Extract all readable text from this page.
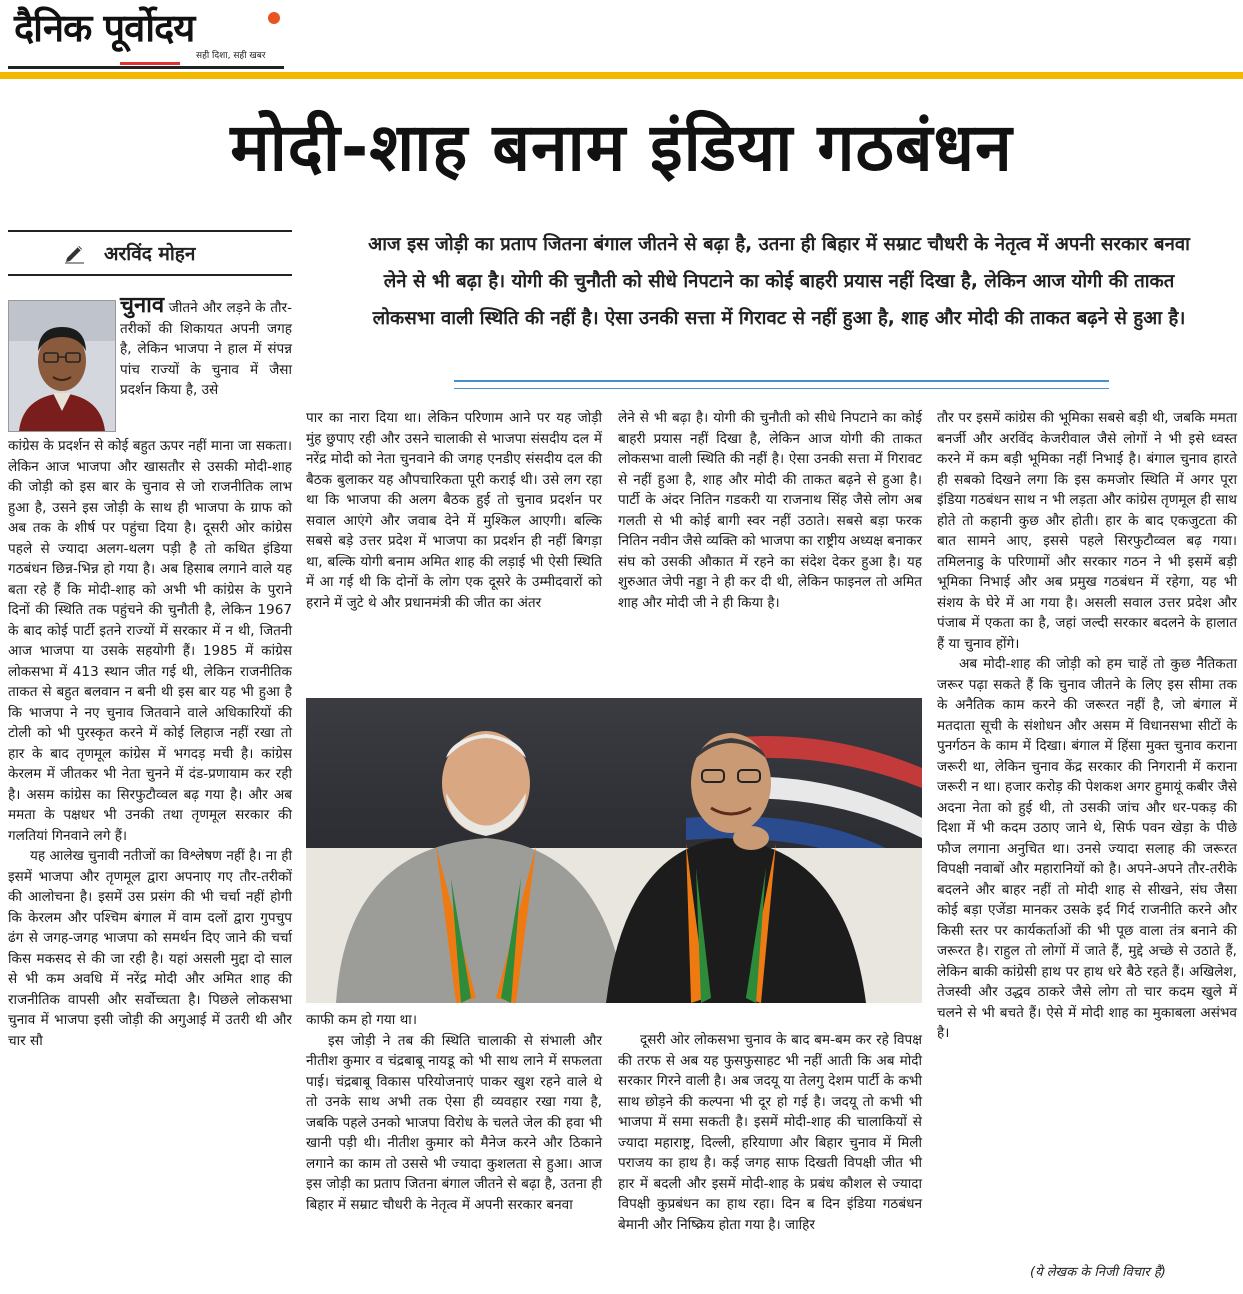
दैनिक पूर्वोदय
सही दिशा, सही खबर
मोदी-शाह बनाम इंडिया गठबंधन
अरविंद मोहन	आज इस जोड़ी का प्रताप जितना बंगाल जीतने से बढ़ा है, उतना ही बिहार में सम्राट चौधरी के नेतृत्व में अपनी सरकार बनवा लेने से भी बढ़ा है। योगी की चुनौती को सीधे निपटाने का कोई बाहरी प्रयास नहीं दिखा है, लेकिन आज योगी की ताकत लोकसभा वाली स्थिति की नहीं है। ऐसा उनकी सत्ता में गिरावट से नहीं हुआ है, शाह और मोदी की ताकत बढ़ने से हुआ है।
चुनाव जीतने और लड़ने के तौर-तरीकों की शिकायत अपनी जगह है, लेकिन भाजपा ने हाल में संपन्न पांच राज्यों के चुनाव में जैसा प्रदर्शन किया है, उसे

कांग्रेस के प्रदर्शन से कोई बहुत ऊपर नहीं माना जा सकता। लेकिन आज भाजपा और खासतौर से उसकी मोदी-शाह की जोड़ी को इस बार के चुनाव से जो राजनीतिक लाभ हुआ है, उसने इस जोड़ी के साथ ही भाजपा के ग्राफ को अब तक के शीर्ष पर पहुंचा दिया है। दूसरी ओर कांग्रेस पहले से ज्यादा अलग-थलग पड़ी है तो कथित इंडिया गठबंधन छिन्न-भिन्न हो गया है। अब हिसाब लगाने वाले यह बता रहे हैं कि मोदी-शाह को अभी भी कांग्रेस के पुराने दिनों की स्थिति तक पहुंचने की चुनौती है, लेकिन 1967 के बाद कोई पार्टी इतने राज्यों में सरकार में न थी, जितनी आज भाजपा या उसके सहयोगी हैं। 1985 में कांग्रेस लोकसभा में 413 स्थान जीत गई थी, लेकिन राजनीतिक ताकत से बहुत बलवान न बनी थी इस बार यह भी हुआ है कि भाजपा ने नए चुनाव जितवाने वाले अधिकारियों की टोली को भी पुरस्कृत करने में कोई लिहाज नहीं रखा तो हार के बाद तृणमूल कांग्रेस में भगदड़ मची है। कांग्रेस केरलम में जीतकर भी नेता चुनने में दंड-प्रणायाम कर रही है। असम कांग्रेस का सिरफुटौव्वल बढ़ गया है। और अब ममता के पक्षधर भी उनकी तथा तृणमूल सरकार की गलतियां गिनवाने लगे हैं।

यह आलेख चुनावी नतीजों का विश्लेषण नहीं है। ना ही इसमें भाजपा और तृणमूल द्वारा अपनाए गए तौर-तरीकों की आलोचना है। इसमें उस प्रसंग की भी चर्चा नहीं होगी कि केरलम और पश्चिम बंगाल में वाम दलों द्वारा गुपचुप ढंग से जगह-जगह भाजपा को समर्थन दिए जाने की चर्चा किस मकसद से की जा रही है। यहां असली मुद्दा दो साल से भी कम अवधि में नरेंद्र मोदी और अमित शाह की राजनीतिक वापसी और सर्वोच्चता है। पिछले लोकसभा चुनाव में भाजपा इसी जोड़ी की अगुआई में उतरी थी और चार सौ

पार का नारा दिया था। लेकिन परिणाम आने पर यह जोड़ी मुंह छुपाए रही और उसने चालाकी से भाजपा संसदीय दल में नरेंद्र मोदी को नेता चुनवाने की जगह एनडीए संसदीय दल की बैठक बुलाकर यह औपचारिकता पूरी कराई थी। उसे लग रहा था कि भाजपा की अलग बैठक हुई तो चुनाव प्रदर्शन पर सवाल आएंगे और जवाब देने में मुश्किल आएगी। बल्कि सबसे बड़े उत्तर प्रदेश में भाजपा का प्रदर्शन ही नहीं बिगड़ा था, बल्कि योगी बनाम अमित शाह की लड़ाई भी ऐसी स्थिति में आ गई थी कि दोनों के लोग एक दूसरे के उम्मीदवारों को हराने में जुटे थे और प्रधानमंत्री की जीत का अंतर

काफी कम हो गया था।

इस जोड़ी ने तब की स्थिति चालाकी से संभाली और नीतीश कुमार व चंद्रबाबू नायडू को भी साथ लाने में सफलता पाई। चंद्रबाबू विकास परियोजनाएं पाकर खुश रहने वाले थे तो उनके साथ अभी तक ऐसा ही व्यवहार रखा गया है, जबकि पहले उनको भाजपा विरोध के चलते जेल की हवा भी खानी पड़ी थी। नीतीश कुमार को मैनेज करने और ठिकाने लगाने का काम तो उससे भी ज्यादा कुशलता से हुआ। आज इस जोड़ी का प्रताप जितना बंगाल जीतने से बढ़ा है, उतना ही बिहार में सम्राट चौधरी के नेतृत्व में अपनी सरकार बनवा

लेने से भी बढ़ा है। योगी की चुनौती को सीधे निपटाने का कोई बाहरी प्रयास नहीं दिखा है, लेकिन आज योगी की ताकत लोकसभा वाली स्थिति की नहीं है। ऐसा उनकी सत्ता में गिरावट से नहीं हुआ है, शाह और मोदी की ताकत बढ़ने से हुआ है। पार्टी के अंदर नितिन गडकरी या राजनाथ सिंह जैसे लोग अब गलती से भी कोई बागी स्वर नहीं उठाते। सबसे बड़ा फरक नितिन नवीन जैसे व्यक्ति को भाजपा का राष्ट्रीय अध्यक्ष बनाकर संघ को उसकी औकात में रहने का संदेश देकर हुआ है। यह शुरुआत जेपी नड्डा ने ही कर दी थी, लेकिन फाइनल तो अमित शाह और मोदी जी ने ही किया है।

दूसरी ओर लोकसभा चुनाव के बाद बम-बम कर रहे विपक्ष की तरफ से अब यह फुसफुसाहट भी नहीं आती कि अब मोदी सरकार गिरने वाली है। अब जदयू या तेलगु देशम पार्टी के कभी साथ छोड़ने की कल्पना भी दूर हो गई है। जदयू तो कभी भी भाजपा में समा सकती है। इसमें मोदी-शाह की चालाकियों से ज्यादा महाराष्ट्र, दिल्ली, हरियाणा और बिहार चुनाव में मिली पराजय का हाथ है। कई जगह साफ दिखती विपक्षी जीत भी हार में बदली और इसमें मोदी-शाह के प्रबंध कौशल से ज्यादा विपक्षी कुप्रबंधन का हाथ रहा। दिन ब दिन इंडिया गठबंधन बेमानी और निष्क्रिय होता गया है। जाहिर

तौर पर इसमें कांग्रेस की भूमिका सबसे बड़ी थी, जबकि ममता बनर्जी और अरविंद केजरीवाल जैसे लोगों ने भी इसे ध्वस्त करने में कम बड़ी भूमिका नहीं निभाई है। बंगाल चुनाव हारते ही सबको दिखने लगा कि इस कमजोर स्थिति में अगर पूरा इंडिया गठबंधन साथ न भी लड़ता और कांग्रेस तृणमूल ही साथ होते तो कहानी कुछ और होती। हार के बाद एकजुटता की बात सामने आए, इससे पहले सिरफुटौव्वल बढ़ गया। तमिलनाडु के परिणामों और सरकार गठन ने भी इसमें बड़ी भूमिका निभाई और अब प्रमुख गठबंधन में रहेगा, यह भी संशय के घेरे में आ गया है। असली सवाल उत्तर प्रदेश और पंजाब में एकता का है, जहां जल्दी सरकार बदलने के हालात हैं या चुनाव होंगे।

अब मोदी-शाह की जोड़ी को हम चाहें तो कुछ नैतिकता जरूर पढ़ा सकते हैं कि चुनाव जीतने के लिए इस सीमा तक के अनैतिक काम करने की जरूरत नहीं है, जो बंगाल में मतदाता सूची के संशोधन और असम में विधानसभा सीटों के पुनर्गठन के काम में दिखा। बंगाल में हिंसा मुक्त चुनाव कराना जरूरी था, लेकिन चुनाव केंद्र सरकार की निगरानी में कराना जरूरी न था। हजार करोड़ की पेशकश अगर हुमायूं कबीर जैसे अदना नेता को हुई थी, तो उसकी जांच और धर-पकड़ की दिशा में भी कदम उठाए जाने थे, सिर्फ पवन खेड़ा के पीछे फौज लगाना अनुचित था। उनसे ज्यादा सलाह की जरूरत विपक्षी नवाबों और महारानियों को है। अपने-अपने तौर-तरीके बदलने और बाहर नहीं तो मोदी शाह से सीखने, संघ जैसा कोई बड़ा एजेंडा मानकर उसके इर्द गिर्द राजनीति करने और किसी स्तर पर कार्यकर्ताओं की भी पूछ वाला तंत्र बनाने की जरूरत है। राहुल तो लोगों में जाते हैं, मुद्दे अच्छे से उठाते हैं, लेकिन बाकी कांग्रेसी हाथ पर हाथ धरे बैठे रहते हैं। अखिलेश, तेजस्वी और उद्धव ठाकरे जैसे लोग तो चार कदम खुले में चलने से भी बचते हैं। ऐसे में मोदी शाह का मुकाबला असंभव है।

(ये लेखक के निजी विचार हैं)
